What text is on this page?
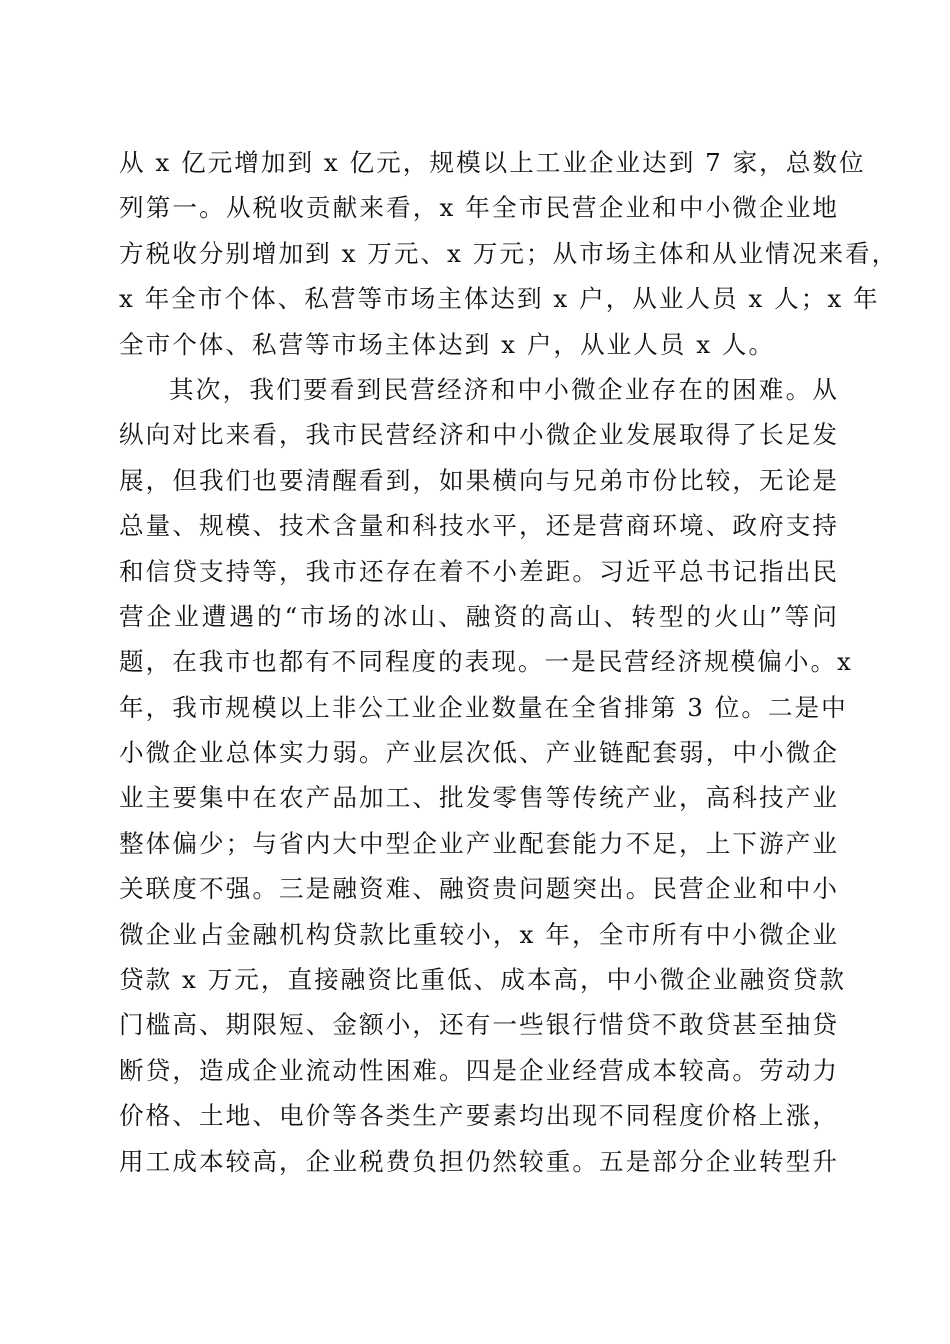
从 x 亿元增加到 x 亿元，规模以上工业企业达到 7 家，总数位
列第一。从税收贡献来看，x 年全市民营企业和中小微企业地
方税收分别增加到 x 万元、x 万元；从市场主体和从业情况来看，
x 年全市个体、私营等市场主体达到 x 户，从业人员 x 人；x 年
全市个体、私营等市场主体达到 x 户，从业人员 x 人。
其次，我们要看到民营经济和中小微企业存在的困难。从
纵向对比来看，我市民营经济和中小微企业发展取得了长足发
展，但我们也要清醒看到，如果横向与兄弟市份比较，无论是
总量、规模、技术含量和科技水平，还是营商环境、政府支持
和信贷支持等，我市还存在着不小差距。习近平总书记指出民
营企业遭遇的“市场的冰山、融资的高山、转型的火山”等问
题，在我市也都有不同程度的表现。一是民营经济规模偏小。x
年，我市规模以上非公工业企业数量在全省排第 3 位。二是中
小微企业总体实力弱。产业层次低、产业链配套弱，中小微企
业主要集中在农产品加工、批发零售等传统产业，高科技产业
整体偏少；与省内大中型企业产业配套能力不足，上下游产业
关联度不强。三是融资难、融资贵问题突出。民营企业和中小
微企业占金融机构贷款比重较小，x 年，全市所有中小微企业
贷款 x 万元，直接融资比重低、成本高，中小微企业融资贷款
门槛高、期限短、金额小，还有一些银行惜贷不敢贷甚至抽贷
断贷，造成企业流动性困难。四是企业经营成本较高。劳动力
价格、土地、电价等各类生产要素均出现不同程度价格上涨，
用工成本较高，企业税费负担仍然较重。五是部分企业转型升
